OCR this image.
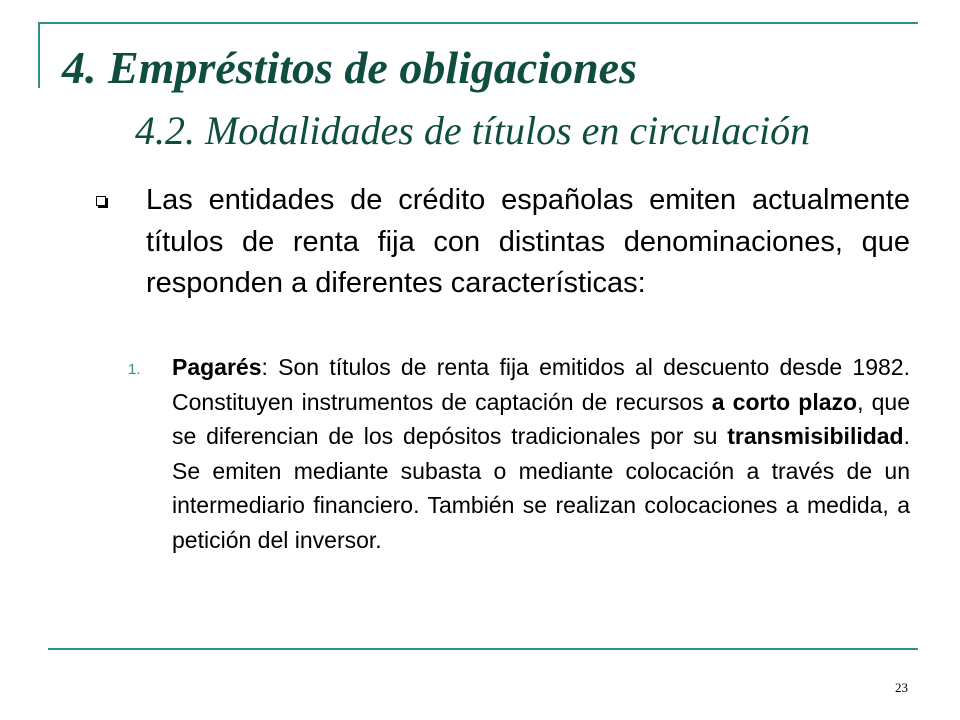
4. Empréstitos de obligaciones
4.2. Modalidades de títulos en circulación

Las entidades de crédito españolas emiten actualmente títulos de renta fija con distintas denominaciones, que responden a diferentes características:

1. Pagarés: Son títulos de renta fija emitidos al descuento desde 1982. Constituyen instrumentos de captación de recursos a corto plazo, que se diferencian de los depósitos tradicionales por su transmisibilidad. Se emiten mediante subasta o mediante colocación a través de un intermediario financiero. También se realizan colocaciones a medida, a petición del inversor.

23
